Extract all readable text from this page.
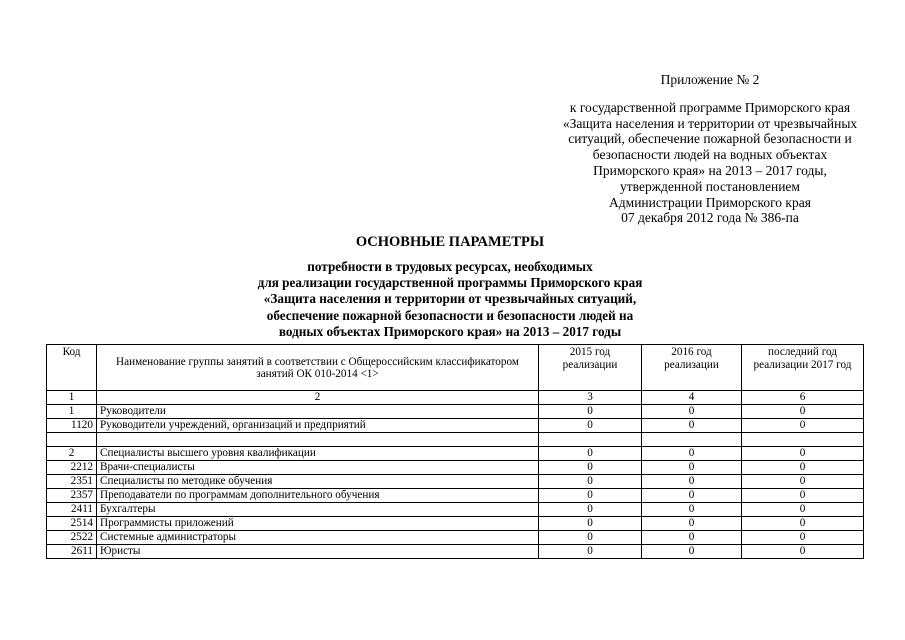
Приложение № 2
к государственной программе Приморского края
«Защита населения и территории от чрезвычайных
ситуаций, обеспечение пожарной безопасности и
безопасности людей на водных объектах
Приморского края» на 2013 – 2017 годы,
утвержденной постановлением
Администрации Приморского края
07 декабря 2012 года № 386-па
ОСНОВНЫЕ ПАРАМЕТРЫ
потребности в трудовых ресурсах, необходимых
для реализации государственной программы Приморского края
«Защита населения и территории от чрезвычайных ситуаций,
обеспечение пожарной безопасности и безопасности людей на
водных объектах Приморского края» на 2013 – 2017 годы
Код	Наименование группы занятий в соответствии с Общероссийским классификатором занятий ОК 010-2014 <1>	2015 год реализации	2016 год реализации	последний год реализации 2017 год
1	2	3	4	6
1	Руководители	0	0	0
1120	Руководители учреждений, организаций и предприятий	0	0	0

2	Специалисты высшего уровня квалификации	0	0	0
2212	Врачи-специалисты	0	0	0
2351	Специалисты по методике обучения	0	0	0
2357	Преподаватели по программам дополнительного обучения	0	0	0
2411	Бухгалтеры	0	0	0
2514	Программисты приложений	0	0	0
2522	Системные администраторы	0	0	0
2611	Юристы	0	0	0
